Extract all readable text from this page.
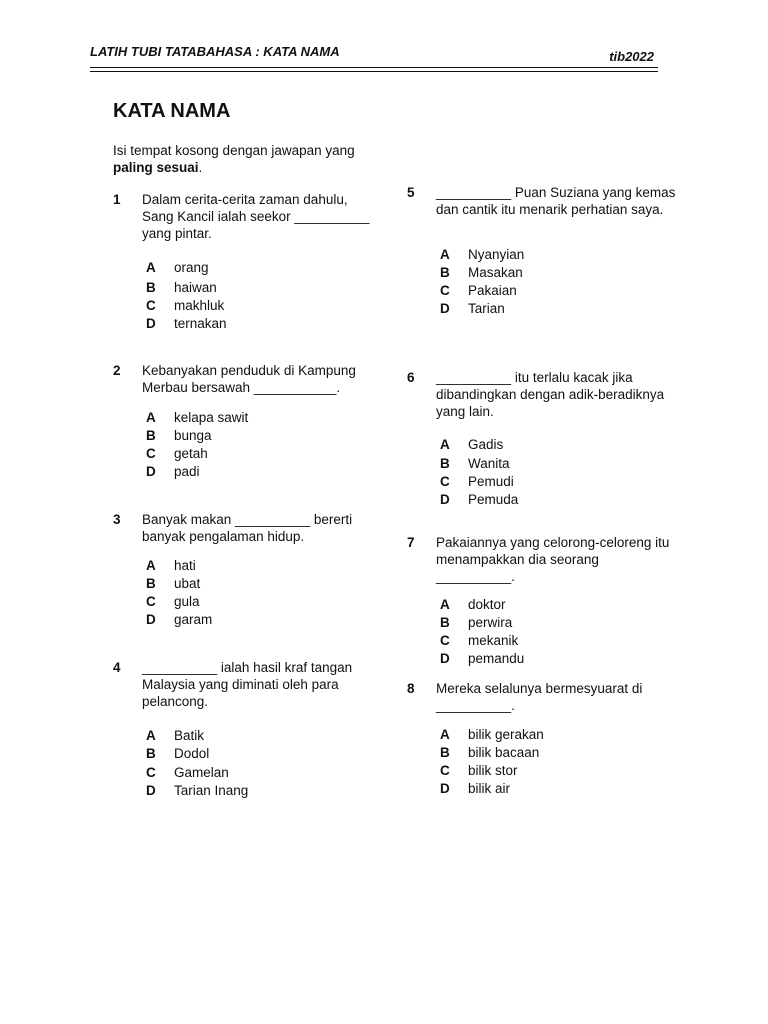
LATIH TUBI TATABAHASA : KATA NAMA	tib2022
KATA NAMA
Isi tempat kosong dengan jawapan yang paling sesuai.
1 Dalam cerita-cerita zaman dahulu, Sang Kancil ialah seekor __________ yang pintar.
A orang
B haiwan
C makhluk
D ternakan
2 Kebanyakan penduduk di Kampung Merbau bersawah ___________.
A kelapa sawit
B bunga
C getah
D padi
3 Banyak makan __________ bererti banyak pengalaman hidup.
A hati
B ubat
C gula
D garam
4 __________ ialah hasil kraf tangan Malaysia yang diminati oleh para pelancong.
A Batik
B Dodol
C Gamelan
D Tarian Inang
5 __________ Puan Suziana yang kemas dan cantik itu menarik perhatian saya.
A Nyanyian
B Masakan
C Pakaian
D Tarian
6 __________ itu terlalu kacak jika dibandingkan dengan adik-beradiknya yang lain.
A Gadis
B Wanita
C Pemudi
D Pemuda
7 Pakaiannya yang celorong-celoreng itu menampakkan dia seorang __________.
A doktor
B perwira
C mekanik
D pemandu
8 Mereka selalunya bermesyuarat di __________.
A bilik gerakan
B bilik bacaan
C bilik stor
D bilik air
